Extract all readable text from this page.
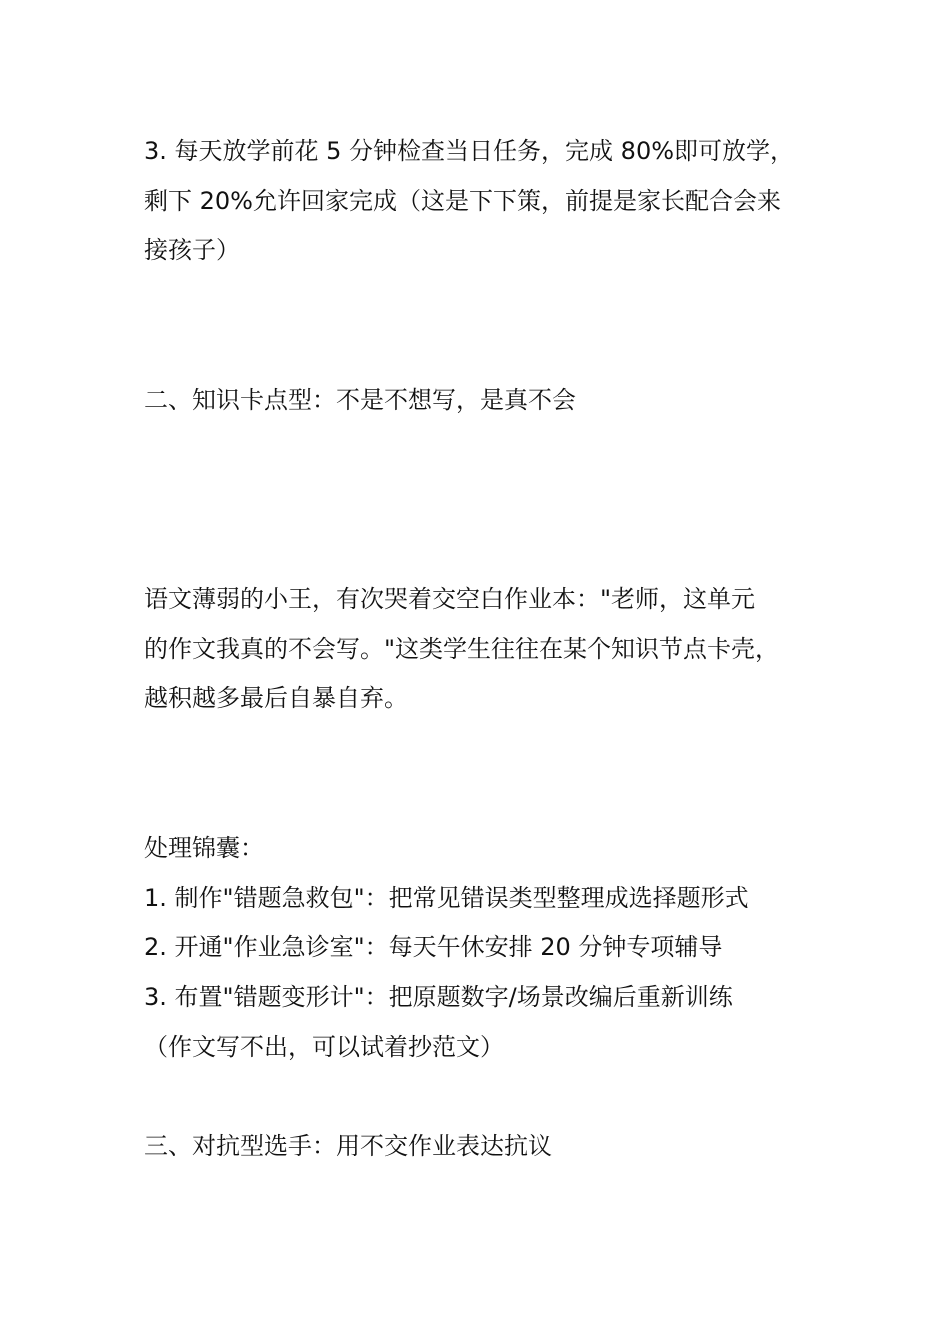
3. 每天放学前花 5 分钟检查当日任务，完成 80%即可放学，
剩下 20%允许回家完成（这是下下策，前提是家长配合会来
接孩子）
二、知识卡点型：不是不想写，是真不会
语文薄弱的小王，有次哭着交空白作业本："老师，这单元
的作文我真的不会写。"这类学生往往在某个知识节点卡壳，
越积越多最后自暴自弃。
处理锦囊：
1. 制作"错题急救包"：把常见错误类型整理成选择题形式
2. 开通"作业急诊室"：每天午休安排 20 分钟专项辅导
3. 布置"错题变形计"：把原题数字/场景改编后重新训练
（作文写不出，可以试着抄范文）
三、对抗型选手：用不交作业表达抗议
